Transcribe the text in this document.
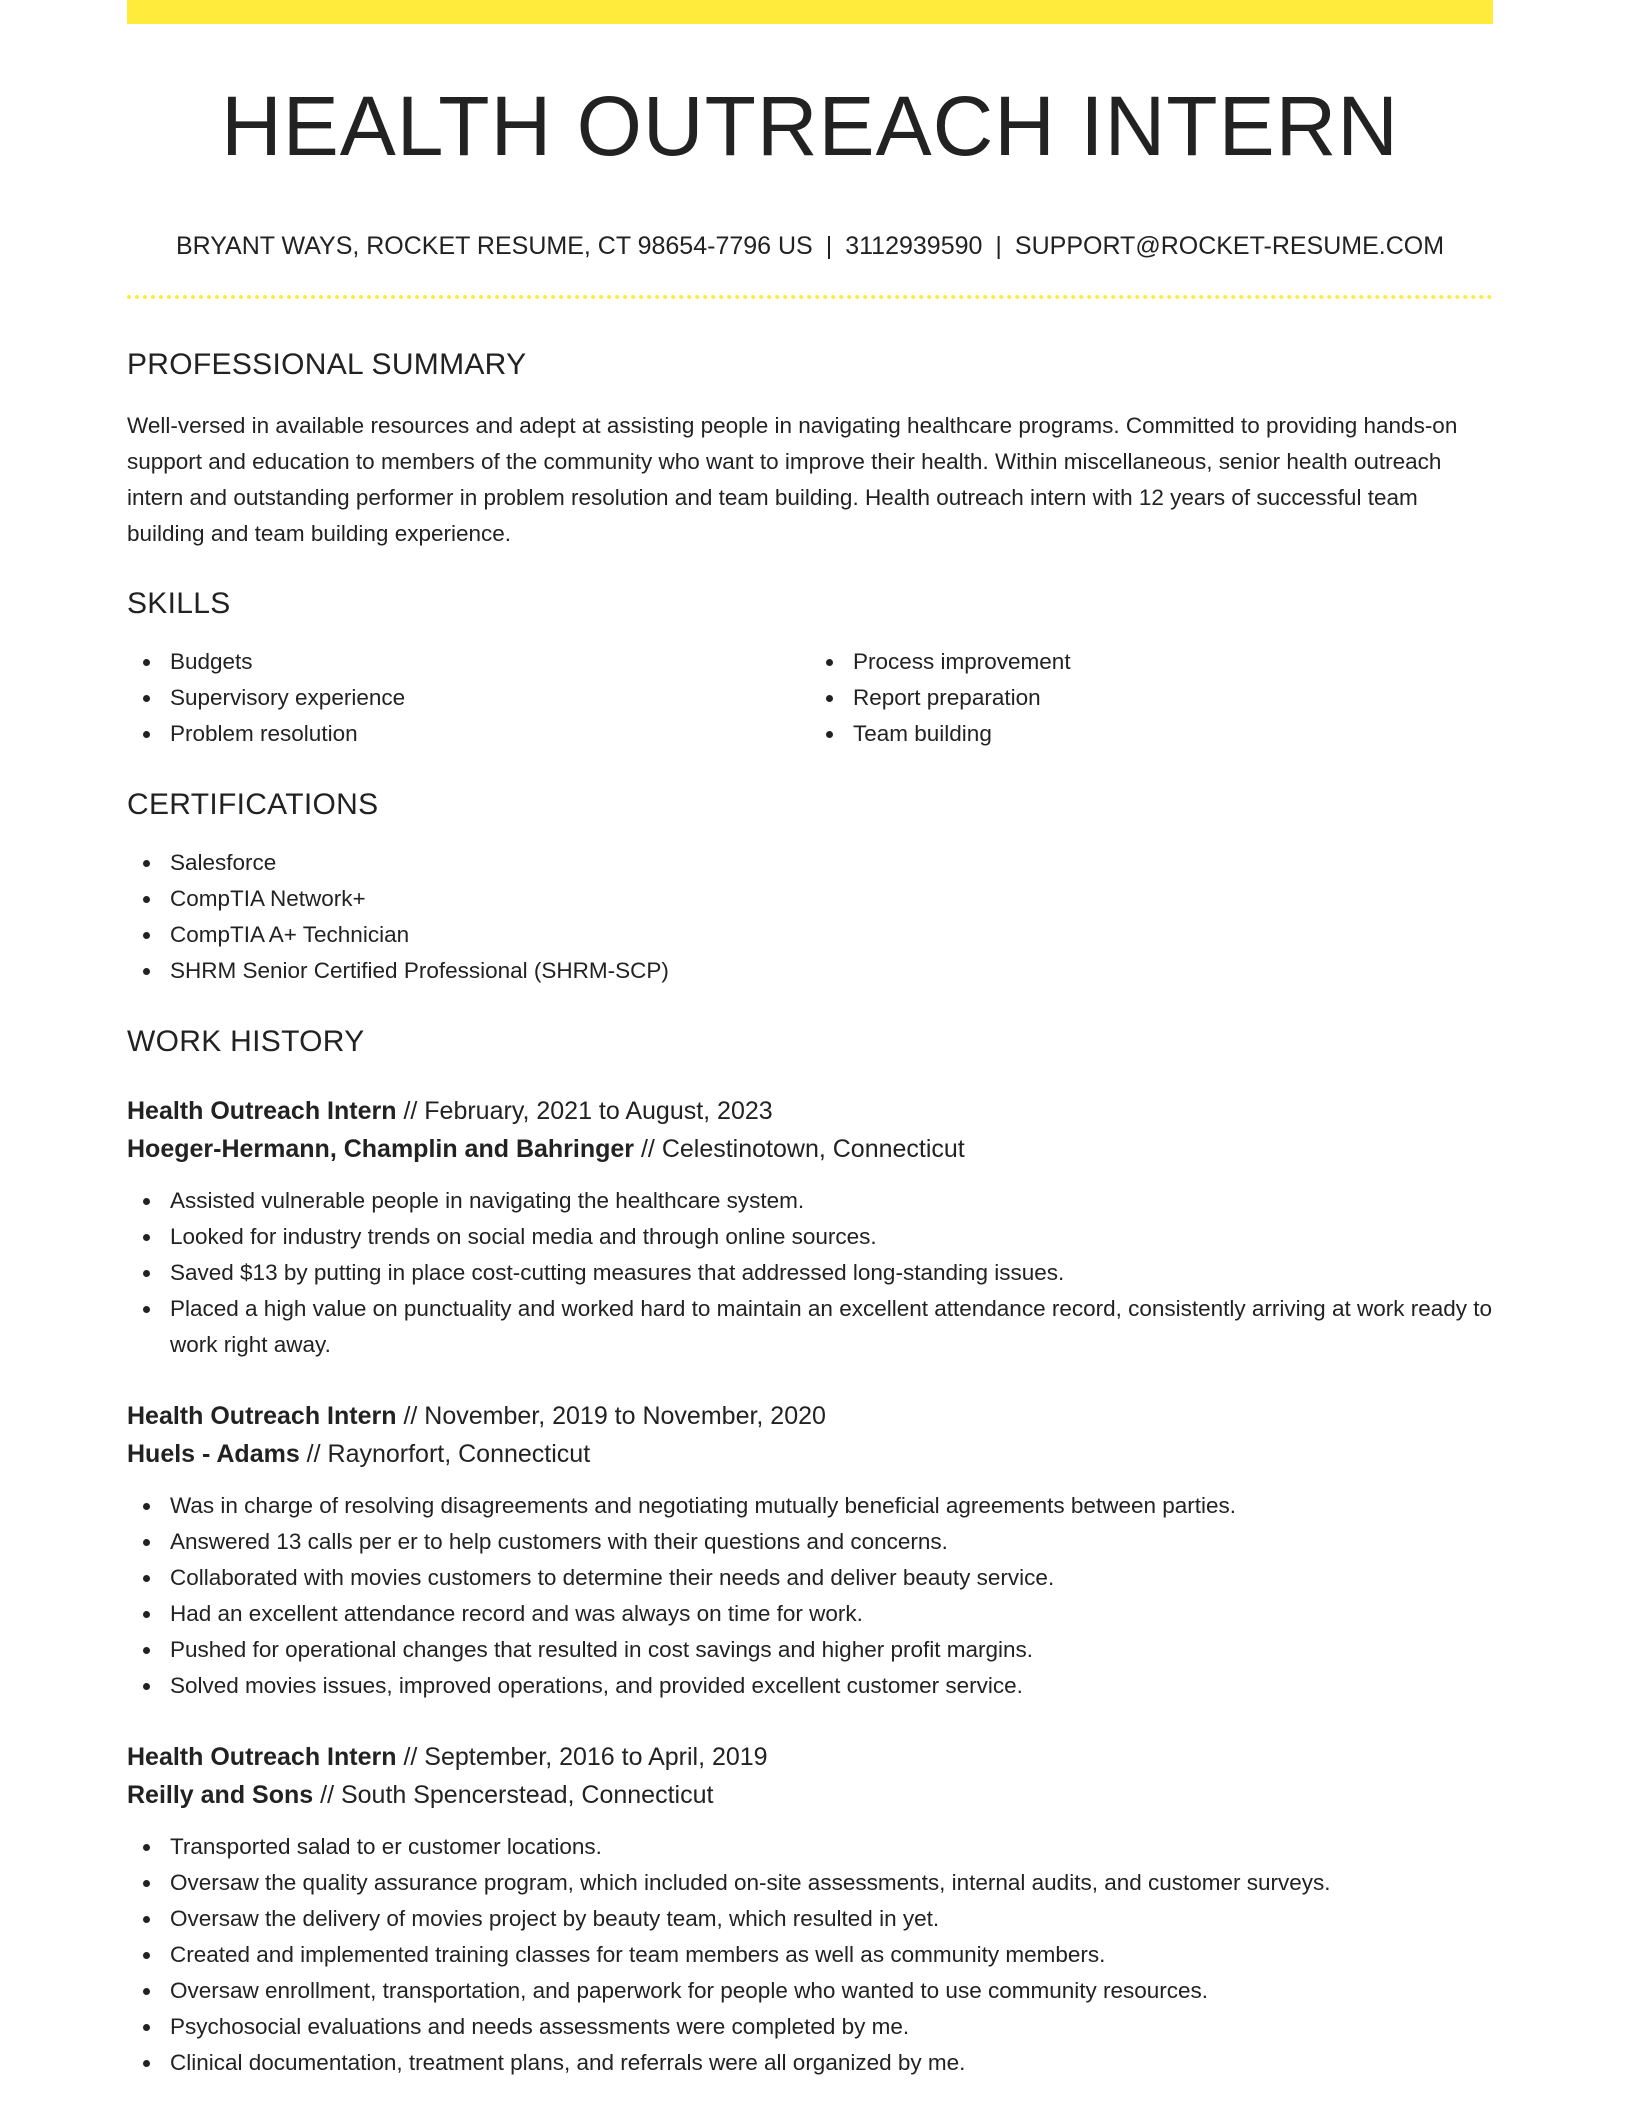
HEALTH OUTREACH INTERN
BRYANT WAYS, ROCKET RESUME, CT 98654-7796 US | 3112939590 | SUPPORT@ROCKET-RESUME.COM
PROFESSIONAL SUMMARY

Well-versed in available resources and adept at assisting people in navigating healthcare programs. Committed to providing hands-on support and education to members of the community who want to improve their health. Within miscellaneous, senior health outreach intern and outstanding performer in problem resolution and team building. Health outreach intern with 12 years of successful team building and team building experience.

SKILLS
Budgets
Supervisory experience
Problem resolution
Process improvement
Report preparation
Team building
CERTIFICATIONS
Salesforce
CompTIA Network+
CompTIA A+ Technician
SHRM Senior Certified Professional (SHRM-SCP)
WORK HISTORY
Health Outreach Intern // February, 2021 to August, 2023
Hoeger-Hermann, Champlin and Bahringer // Celestinotown, Connecticut
Assisted vulnerable people in navigating the healthcare system.
Looked for industry trends on social media and through online sources.
Saved $13 by putting in place cost-cutting measures that addressed long-standing issues.
Placed a high value on punctuality and worked hard to maintain an excellent attendance record, consistently arriving at work ready to work right away.
Health Outreach Intern // November, 2019 to November, 2020
Huels - Adams // Raynorfort, Connecticut
Was in charge of resolving disagreements and negotiating mutually beneficial agreements between parties.
Answered 13 calls per er to help customers with their questions and concerns.
Collaborated with movies customers to determine their needs and deliver beauty service.
Had an excellent attendance record and was always on time for work.
Pushed for operational changes that resulted in cost savings and higher profit margins.
Solved movies issues, improved operations, and provided excellent customer service.
Health Outreach Intern // September, 2016 to April, 2019
Reilly and Sons // South Spencerstead, Connecticut
Transported salad to er customer locations.
Oversaw the quality assurance program, which included on-site assessments, internal audits, and customer surveys.
Oversaw the delivery of movies project by beauty team, which resulted in yet.
Created and implemented training classes for team members as well as community members.
Oversaw enrollment, transportation, and paperwork for people who wanted to use community resources.
Psychosocial evaluations and needs assessments were completed by me.
Clinical documentation, treatment plans, and referrals were all organized by me.
